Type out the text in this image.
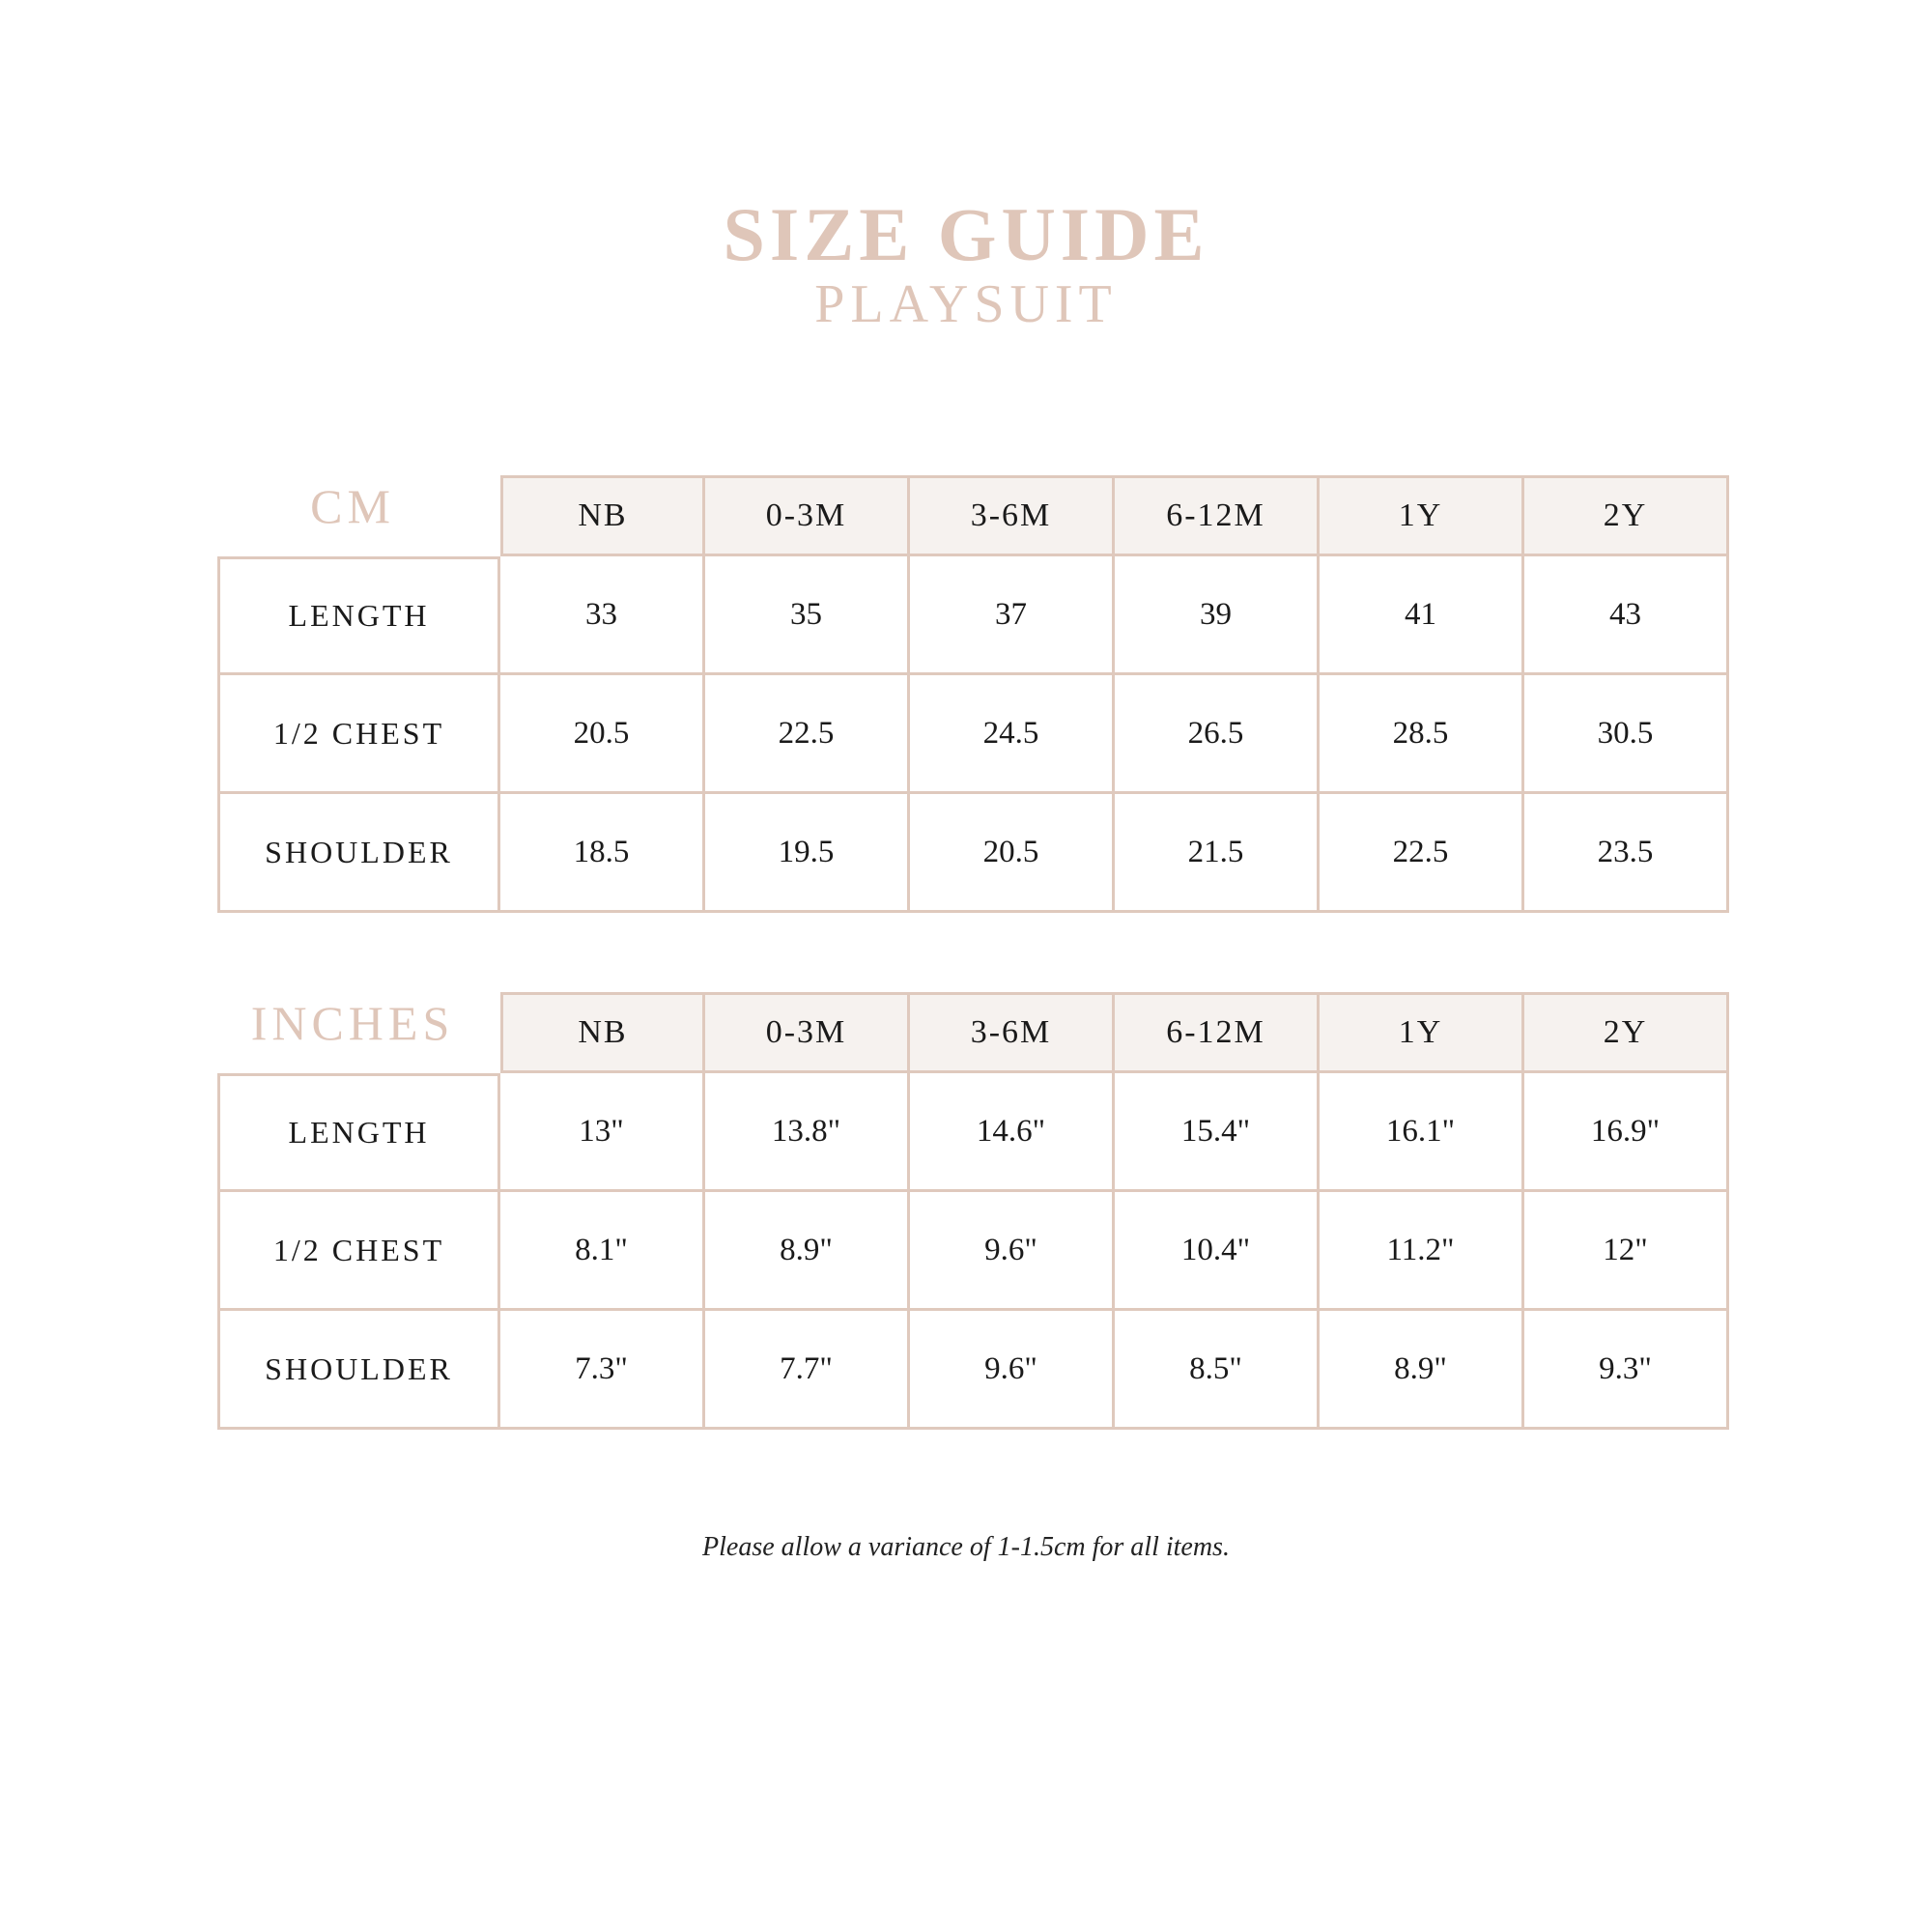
SIZE GUIDE
PLAYSUIT
CM	NB	0-3M	3-6M	6-12M	1Y	2Y
LENGTH	33	35	37	39	41	43
1/2 CHEST	20.5	22.5	24.5	26.5	28.5	30.5
SHOULDER	18.5	19.5	20.5	21.5	22.5	23.5
INCHES	NB	0-3M	3-6M	6-12M	1Y	2Y
LENGTH	13"	13.8"	14.6"	15.4"	16.1"	16.9"
1/2 CHEST	8.1"	8.9"	9.6"	10.4"	11.2"	12"
SHOULDER	7.3"	7.7"	9.6"	8.5"	8.9"	9.3"

Please allow a variance of 1-1.5cm for all items.
